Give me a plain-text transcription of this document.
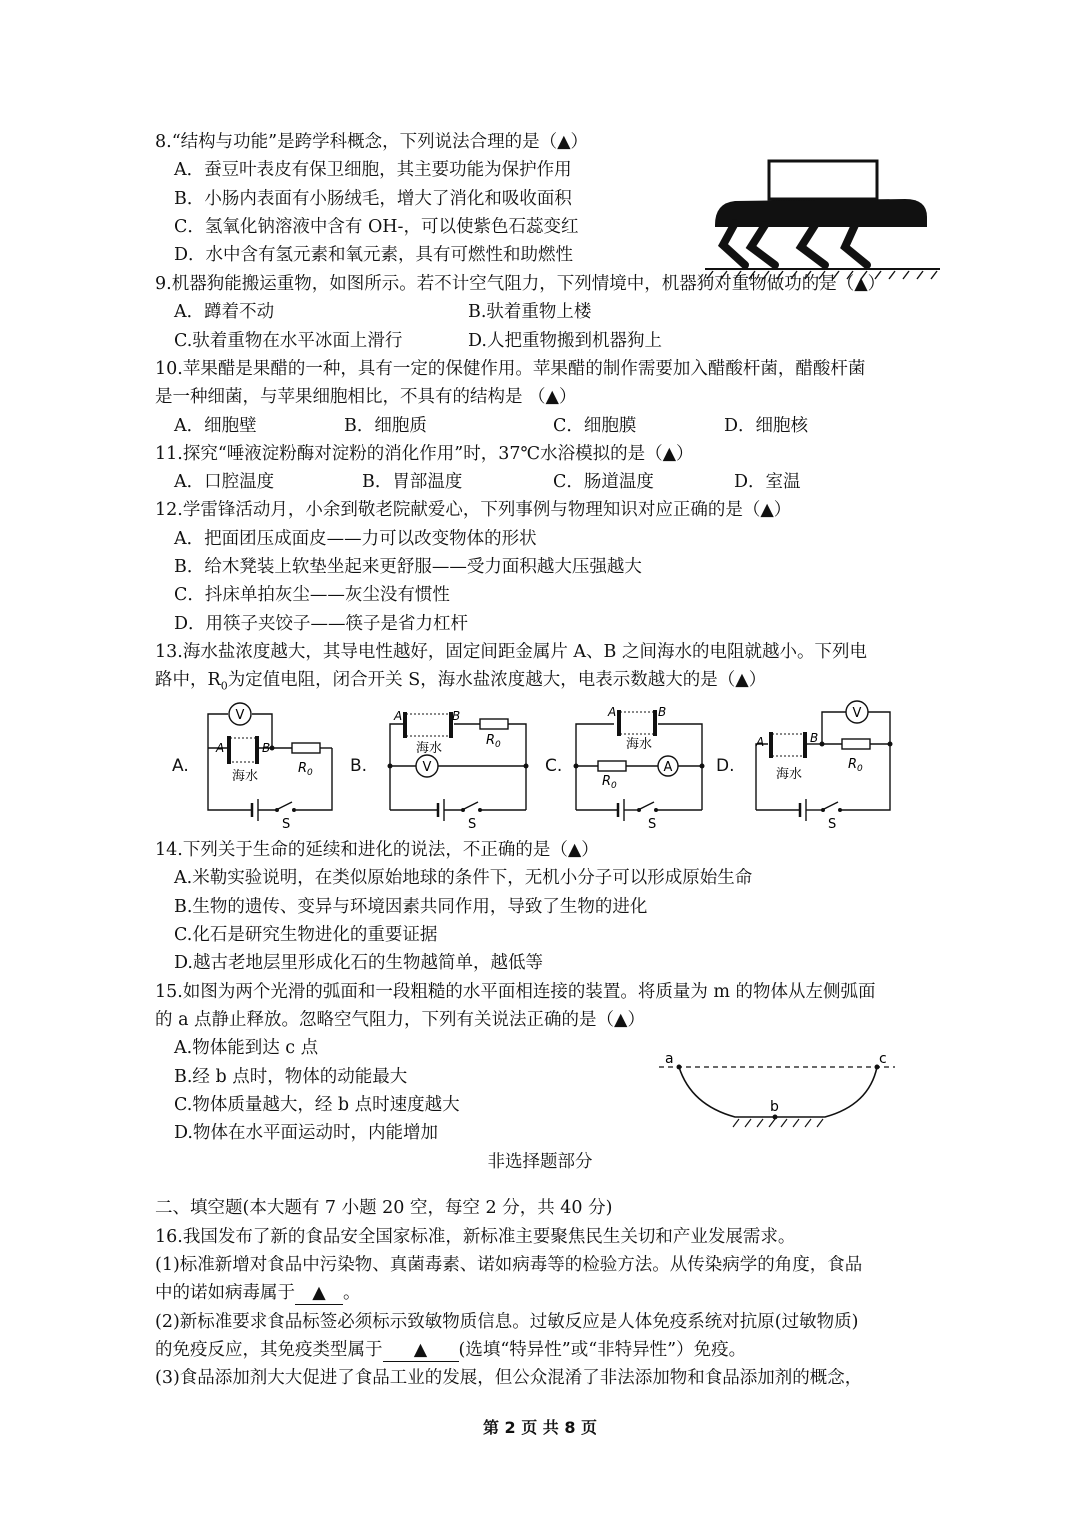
8.“结构与功能”是跨学科概念，下列说法合理的是（▲）
A．蚕豆叶表皮有保卫细胞，其主要功能为保护作用
B．小肠内表面有小肠绒毛，增大了消化和吸收面积
C．氢氧化钠溶液中含有 OH-，可以使紫色石蕊变红
D．水中含有氢元素和氧元素，具有可燃性和助燃性
9.机器狗能搬运重物，如图所示。若不计空气阻力，下列情境中，机器狗对重物做功的是（▲）
A．蹲着不动	B.驮着重物上楼
C.驮着重物在水平冰面上滑行	D.人把重物搬到机器狗上
10.苹果醋是果醋的一种，具有一定的保健作用。苹果醋的制作需要加入醋酸杆菌，醋酸杆菌
是一种细菌，与苹果细胞相比，不具有的结构是 （▲）
A．细胞壁	B．细胞质	C．细胞膜	D．细胞核
11.探究“唾液淀粉酶对淀粉的消化作用”时，37℃水浴模拟的是（▲）
A．口腔温度	B．胃部温度	C．肠道温度	D．室温
12.学雷锋活动月，小余到敬老院献爱心，下列事例与物理知识对应正确的是（▲）
A．把面团压成面皮——力可以改变物体的形状
B．给木凳装上软垫坐起来更舒服——受力面积越大压强越大
C．抖床单拍灰尘——灰尘没有惯性
D．用筷子夹饺子——筷子是省力杠杆
13.海水盐浓度越大，其导电性越好，固定间距金属片 A、B 之间海水的电阻就越小。下列电
路中，$R_0$为定值电阻，闭合开关 S，海水盐浓度越大，电表示数越大的是（▲）
A.	B.	C.	D.
V
A	B
海水
$R_0$
S
V
A	B
海水
$R_0$
S
A
A	B
海水
$R_0$
S
V
A	B
海水
$R_0$
S
14.下列关于生命的延续和进化的说法，不正确的是（▲）
A.米勒实验说明，在类似原始地球的条件下，无机小分子可以形成原始生命
B.生物的遗传、变异与环境因素共同作用，导致了生物的进化
C.化石是研究生物进化的重要证据
D.越古老地层里形成化石的生物越简单，越低等
15.如图为两个光滑的弧面和一段粗糙的水平面相连接的装置。将质量为 m 的物体从左侧弧面
的 a 点静止释放。忽略空气阻力，下列有关说法正确的是（▲）
A.物体能到达 c 点
B.经 b 点时，物体的动能最大
C.物体质量越大，经 b 点时速度越大
D.物体在水平面运动时，内能增加
a
b
c
非选择题部分
二、填空题(本大题有 7 小题 20 空，每空 2 分，共 40 分)
16.我国发布了新的食品安全国家标准，新标准主要聚焦民生关切和产业发展需求。
(1)标准新增对食品中污染物、真菌毒素、诺如病毒等的检验方法。从传染病学的角度，食品
中的诺如病毒属于 ▲ 。
(2)新标准要求食品标签必须标示致敏物质信息。过敏反应是人体免疫系统对抗原(过敏物质)
的免疫反应，其免疫类型属于 ▲ (选填“特异性”或“非特异性”）免疫。
(3)食品添加剂大大促进了食品工业的发展，但公众混淆了非法添加物和食品添加剂的概念，
第 2 页 共 8 页
